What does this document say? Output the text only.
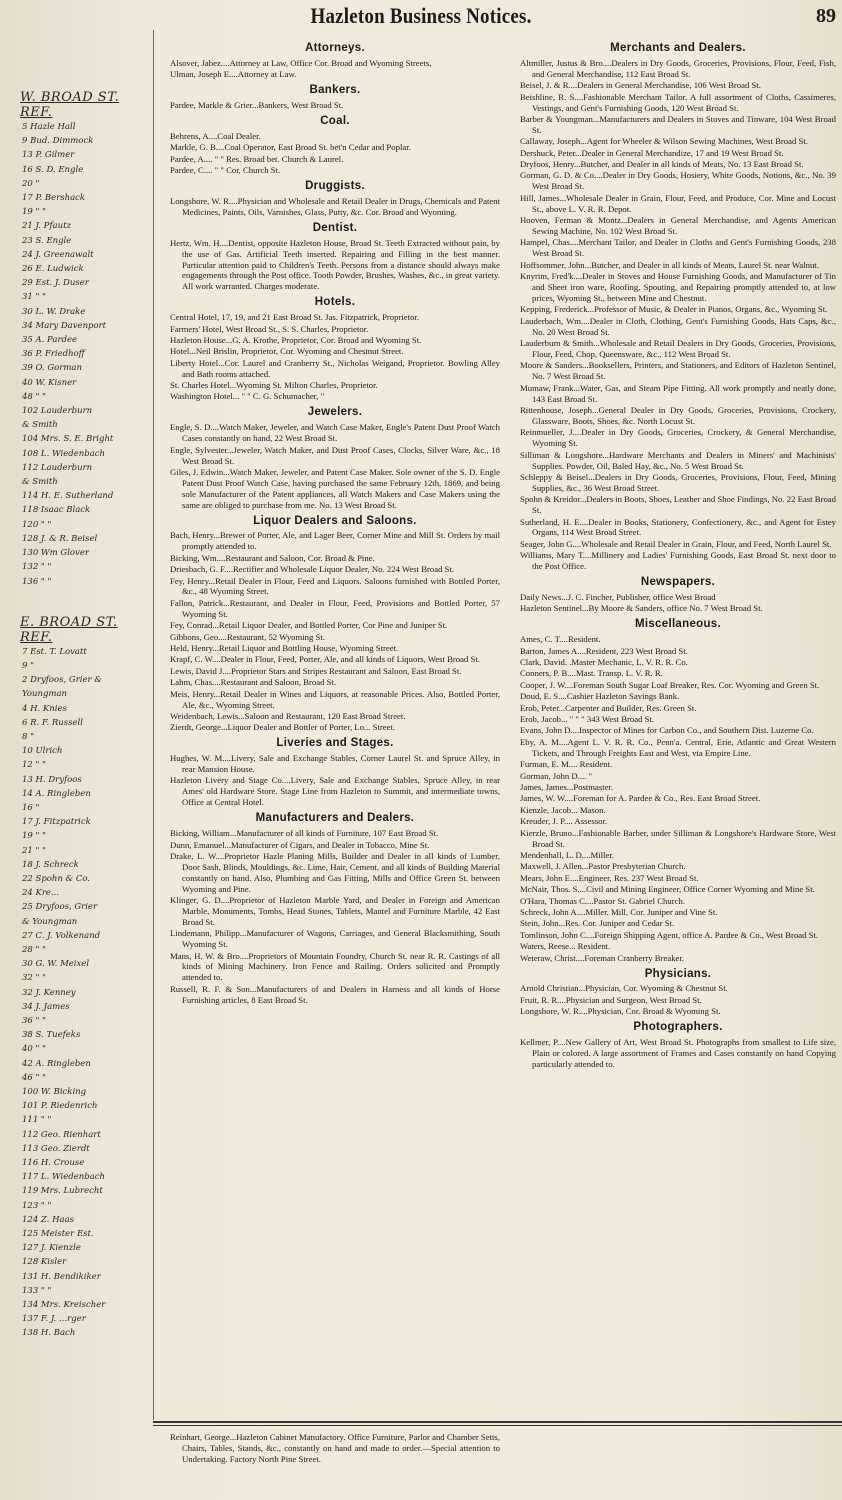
Hazleton Business Notices.	89
W. BROAD ST. REF.
5 Hazle Hall
9 Bud. Dimmock
13 P. Gilmer
16 S. D. Engle
20 "
17 P. Bershack
19 " "
21 J. Pfautz
23 S. Engle
24 J. Greenawalt
26 E. Ludwick
29 Est. J. Duser
31 " "
30 L. W. Drake
34 Mary Davenport
35 A. Pardee
36 P. Friedhoff
39 O. Gorman
40 W. Kisner
48 " "
102 Lauderburn
& Smith
104 Mrs. S. E. Bright
108 L. Wiedenbach
112 Lauderburn
& Smith
114 H. E. Sutherland
118 Isaac Black
120 " "
128 J. & R. Beisel
130 Wm Glover
132 " "
136 " "
E. BROAD ST. REF.
7 Est. T. Lovatt
9 "
2 Dryfoos, Grier &
Youngman
4 H. Knies
6 R. F. Russell
8 "
10 Ulrich
12 " "
13 H. Dryfoos
14 A. Ringleben
16 "
17 J. Fitzpatrick
19 " "
21 " "
18 J. Schreck
22 Spohn & Co.
24 Kre...
25 Dryfoos, Grier
& Youngman
27 C. J. Volkenand
28 " "
30 G. W. Meixel
32 " "
32 J. Kenney
34 J. James
36 " "
38 S. Tuefeks
40 " "
42 A. Ringleben
46 " "
100 W. Bicking
101 P. Riedenrich
111 " "
112 Geo. Rienhart
113 Geo. Zierdt
116 H. Crouse
117 L. Wiedenbach
119 Mrs. Lubrecht
123 " "
124 Z. Haas
125 Meister Est.
127 J. Kienzle
128 Kisler
131 H. Bendikiker
133 " "
134 Mrs. Kreischer
137 F. J. ...rger
138 H. Bach
Attorneys.
Alsover, Jabez....Attorney at Law, Office Cor. Broad and Wyoming Streets,
Ulman, Joseph E....Attorney at Law.
Bankers.
Pardee, Markle & Grier...Bankers, West Broad St.
Coal.
Behrens, A....Coal Dealer.
Markle, G. B....Coal Operator, East Broad St. bet'n Cedar and Poplar.
Pardee, A.... " " Res. Broad bet. Church & Laurel.
Pardee, C.... " " Cor. Church St.
Druggists.
Longshore, W. R....Physician and Wholesale and Retail Dealer in Drugs, Chemicals and Patent Medicines, Paints, Oils, Varnishes, Glass, Putty, &c. Cor. Broad and Wyoming.
Dentist.
Hertz, Wm. H....Dentist, opposite Hazleton House, Broad St. Teeth Extracted without pain, by the use of Gas. Artificial Teeth inserted. Repairing and Filling in the best manner. Particular attention paid to Children's Teeth. Persons from a distance should always make engagements through the Post office. Tooth Powder, Brushes, Washes, &c., in great variety. All work warranted. Charges moderate.
Hotels.
Central Hotel, 17, 19, and 21 East Broad St. Jas. Fitzpatrick, Proprietor.
Farmers' Hotel, West Broad St., S. S. Charles, Proprietor.
Hazleton House...G. A. Krothe, Proprietor, Cor. Broad and Wyoming St.
Hotel...Neil Brislin, Proprietor, Cor. Wyoming and Chestnut Street.
Liberty Hotel...Cor. Laurel and Cranberry St., Nicholas Weigand, Proprietor. Bowling Alley and Bath rooms attached.
St. Charles Hotel...Wyoming St. Milton Charles, Proprietor.
Washington Hotel... " " C. G. Schumacher, "
Jewelers.
Engle, S. D....Watch Maker, Jeweler, and Watch Case Maker, Engle's Patent Dust Proof Watch Cases constantly on hand, 22 West Broad St.
Engle, Sylvester...Jeweler, Watch Maker, and Dust Proof Cases, Clocks, Silver Ware, &c., 18 West Broad St.
Giles, J. Edwin...Watch Maker, Jeweler, and Patent Case Maker. Sole owner of the S. D. Engle Patent Dust Proof Watch Case, having purchased the same February 12th, 1869, and being sole Manufacturer of the Patent appliances, all Watch Makers and Case Makers using the same are obliged to purchase from me. No. 13 West Broad St.
Liquor Dealers and Saloons.
Bach, Henry...Brewer of Porter, Ale, and Lager Beer, Corner Mine and Mill St. Orders by mail promptly attended to.
Bicking, Wm....Restaurant and Saloon, Cor. Broad & Pine.
Driesbach, G. F....Rectifier and Wholesale Liquor Dealer, No. 224 West Broad St.
Fey, Henry...Retail Dealer in Flour, Feed and Liquors. Saloons furnished with Bottled Porter, &c., 48 Wyoming Street.
Fallon, Patrick...Restaurant, and Dealer in Flour, Feed, Provisions and Bottled Porter, 57 Wyoming St.
Fey, Conrad...Retail Liquor Dealer, and Bottled Porter, Cor Pine and Juniper St.
Gibbons, Geo....Restaurant, 52 Wyoming St.
Held, Henry...Retail Liquor and Bottling House, Wyoming Street.
Krapf, C. W....Dealer in Flour, Feed, Porter, Ale, and all kinds of Liquors, West Broad St.
Lewis, David J....Proprietor Stars and Stripes Restaurant and Saloon, East Broad St.
Lahm, Chas....Restaurant and Saloon, Broad St.
Meis, Henry...Retail Dealer in Wines and Liquors, at reasonable Prices. Also, Bottled Porter, Ale, &c., Wyoming Street.
Weidenbach, Lewis...Saloon and Restaurant, 120 East Broad Street.
Zierdt, George...Liquor Dealer and Bottler of Porter, Lo... Street.
Liveries and Stages.
Hughes, W. M....Livery, Sale and Exchange Stables, Corner Laurel St. and Spruce Alley, in rear Mansion House.
Hazleton Livery and Stage Co....Livery, Sale and Exchange Stables, Spruce Alley, in rear Ames' old Hardware Store. Stage Line from Hazleton to Summit, and intermediate towns, Office at Central Hotel.
Manufacturers and Dealers.
Bicking, William...Manufacturer of all kinds of Furniture, 107 East Broad St.
Dunn, Emanuel...Manufacturer of Cigars, and Dealer in Tobacco, Mine St.
Drake, L. W....Proprietor Hazle Planing Mills, Builder and Dealer in all kinds of Lumber, Door Sash, Blinds, Mouldings, &c. Lime, Hair, Cement, and all kinds of Building Material constantly on hand. Also, Plumbing and Gas Fitting, Mills and Office Green St. between Wyoming and Pine.
Klinger, G. D....Proprietor of Hazleton Marble Yard, and Dealer in Foreign and American Marble, Monuments, Tombs, Head Stones, Tablets, Mantel and Furniture Marble, 42 East Broad St.
Lindemann, Philipp...Manufacturer of Wagons, Carriages, and General Blacksmithing, South Wyoming St.
Mans, H. W. & Bro....Proprietors of Mountain Foundry, Church St. near R. R. Castings of all kinds of Mining Machinery. Iron Fence and Railing. Orders solicited and Promptly attended to.
Russell, R. F. & Son...Manufacturers of and Dealers in Harness and all kinds of Horse Furnishing articles, 8 East Broad St.
Merchants and Dealers.
Altmiller, Justus & Bro....Dealers in Dry Goods, Groceries, Provisions, Flour, Feed, Fish, and General Merchandise, 112 East Broad St.
Beisel, J. & R....Dealers in General Merchandise, 106 West Broad St.
Beishline, R. S....Fashionable Merchant Tailor. A full assortment of Cloths, Cassimeres, Vestings, and Gent's Furnishing Goods, 120 West Broad St.
Barber & Youngman...Manufacturers and Dealers in Stoves and Tinware, 104 West Broad St.
Callaway, Joseph...Agent for Wheeler & Wilson Sewing Machines, West Broad St.
Dershuck, Peter...Dealer in General Merchandize, 17 and 19 West Broad St.
Dryfoos, Henry...Butcher, and Dealer in all kinds of Meats, No. 13 East Broad St.
Gorman, G. D. & Co....Dealer in Dry Goods, Hosiery, White Goods, Notions, &c., No. 39 West Broad St.
Hill, James...Wholesale Dealer in Grain, Flour, Feed, and Produce, Cor. Mine and Locust St., above L. V. R. R. Depot.
Hooven, Ferman & Montz...Dealers in General Merchandise, and Agents American Sewing Machine, No. 102 West Broad St.
Hampel, Chas....Merchant Tailor, and Dealer in Cloths and Gent's Furnishing Goods, 238 West Broad St.
Hoffsommer, John...Butcher, and Dealer in all kinds of Meats, Laurel St. near Walnut.
Knyrim, Fred'k....Dealer in Stoves and House Furnishing Goods, and Manufacturer of Tin and Sheet iron ware, Roofing, Spouting, and Repairing promptly attended to, at low prices, Wyoming St., between Mine and Chestnut.
Kepping, Frederick...Professor of Music, & Dealer in Pianos, Organs, &c., Wyoming St.
Lauderbach, Wm....Dealer in Cloth, Clothing, Gent's Furnishing Goods, Hats Caps, &c., No. 20 West Broad St.
Lauderburn & Smith...Wholesale and Retail Dealers in Dry Goods, Groceries, Provisions, Flour, Feed, Chop, Queensware, &c., 112 West Broad St.
Moore & Sanders...Booksellers, Printers, and Stationers, and Editors of Hazleton Sentinel, No. 7 West Broad St.
Mumaw, Frank...Water, Gas, and Steam Pipe Fitting. All work promptly and neatly done, 143 East Broad St.
Rittenhouse, Joseph...General Dealer in Dry Goods, Groceries, Provisions, Crockery, Glassware, Boots, Shoes, &c. North Locust St.
Reinmueller, J....Dealer in Dry Goods, Groceries, Crockery, & General Merchandise, Wyoming St.
Silliman & Longshore...Hardware Merchants and Dealers in Miners' and Machinists' Supplies. Powder, Oil, Baled Hay, &c., No. 5 West Broad St.
Schleppy & Beisel...Dealers in Dry Goods, Groceries, Provisions, Flour, Feed, Mining Supplies, &c., 36 West Broad Street.
Spohn & Kreidor...Dealers in Boots, Shoes, Leather and Shoe Findings, No. 22 East Broad St.
Sutherland, H. E....Dealer in Books, Stationery, Confectionery, &c., and Agent for Estey Organs, 114 West Broad Street.
Seager, John G....Wholesale and Retail Dealer in Grain, Flour, and Feed, North Laurel St.
Williams, Mary T....Millinery and Ladies' Furnishing Goods, East Broad St. next door to the Post Office.
Newspapers.
Daily News...J. C. Fincher, Publisher, office West Broad
Hazleton Sentinel...By Moore & Sanders, office No. 7 West Broad St.
Miscellaneous.
Ames, C. T....Resident.
Barton, James A....Resident, 223 West Broad St.
Clark, David. .Master Mechanic, L. V. R. R. Co.
Conners, P. B....Mast. Transp. L. V. R. R.
Cooper, J. W....Foreman South Sugar Loaf Breaker, Res. Cor. Wyoming and Green St.
Doud, E. S....Cashier Hazleton Savings Bank.
Erob, Peter...Carpenter and Builder, Res. Green St.
Erob, Jacob... " " " 343 West Broad St.
Evans, John D....Inspector of Mines for Carbon Co., and Southern Dist. Luzerne Co.
Eby, A. M....Agent L. V. R. R. Co., Penn'a. Central, Erie, Atlantic and Great Western Tickets, and Through Freights East and West, via Empire Line.
Furman, E. M.... Resident.
Gorman, John D.... "
James, James...Postmaster.
James, W. W....Foreman for A. Pardee & Co., Res. East Broad Street.
Kienzle, Jacob... Mason.
Kreuder, J. P.... Assessor.
Kierzle, Bruno...Fashionable Barber, under Silliman & Longshore's Hardware Store, West Broad St.
Mendenhall, L. D....Miller.
Maxwell, J. Allen...Pastor Presbyterian Church.
Mears, John E....Engineer, Res. 237 West Broad St.
McNair, Thos. S....Civil and Mining Engineer, Office Corner Wyoming and Mine St.
O'Hara, Thomas C....Pastor St. Gabriel Church.
Schreck, John A....Miller. Mill, Cor. Juniper and Vine St.
Stein, John...Res. Cor. Juniper and Cedar St.
Tomlinson, John C....Foreign Shipping Agent, office A. Pardee & Co., West Broad St.
Waters, Reese... Resident.
Weteraw, Christ....Foreman Cranberry Breaker.
Physicians.
Arnold Christian...Physician, Cor. Wyoming & Chestnut St.
Fruit, R. R....Physician and Surgeon, West Broad St.
Longshore, W. R....Physician, Cor. Broad & Wyoming St.
Photographers.
Kellmer, P....New Gallery of Art, West Broad St. Photographs from smallest to Life size, Plain or colored. A large assortment of Frames and Cases constantly on hand Copying particularly attended to.
Reinhart, George...Hazleton Cabinet Manufactory. Office Furniture, Parlor and Chamber Setts, Chairs, Tables, Stands, &c., constantly on hand and made to order.—Special attention to Undertaking. Factory North Pine Street.
